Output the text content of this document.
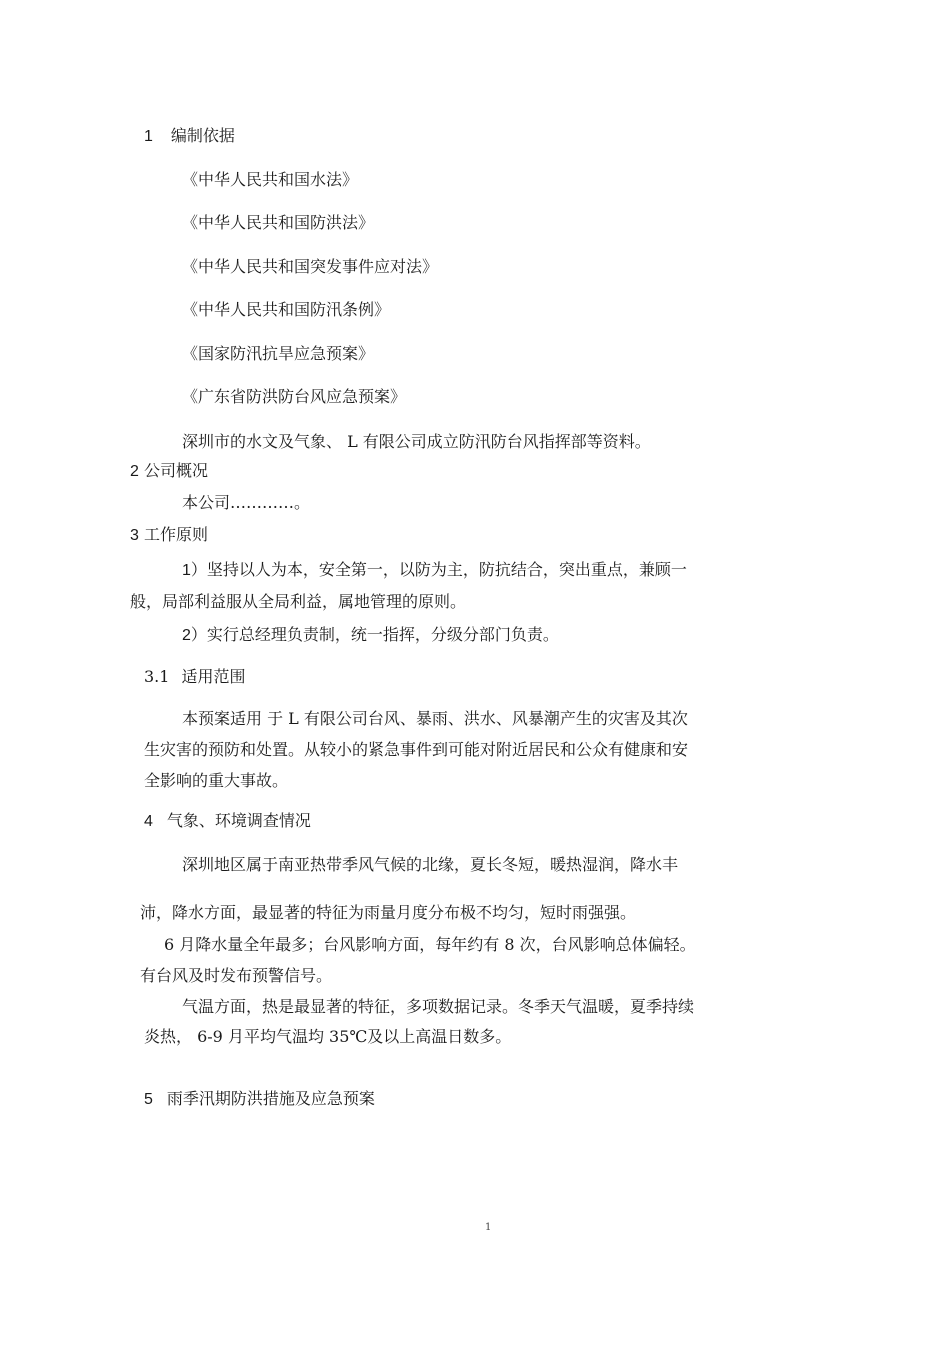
1 编制依据
《中华人民共和国水法》
《中华人民共和国防洪法》
《中华人民共和国突发事件应对法》
《中华人民共和国防汛条例》
《国家防汛抗旱应急预案》
《广东省防洪防台风应急预案》
深圳市的水文及气象、 L 有限公司成立防汛防台风指挥部等资料。
2 公司概况
本公司…………。
3 工作原则
1）坚持以人为本，安全第一，以防为主，防抗结合，突出重点，兼顾一
般，局部利益服从全局利益，属地管理的原则。
2）实行总经理负责制，统一指挥，分级分部门负责。
3.1 适用范围
本预案适用 于 L 有限公司台风、暴雨、洪水、风暴潮产生的灾害及其次
生灾害的预防和处置。从较小的紧急事件到可能对附近居民和公众有健康和安
全影响的重大事故。
4 气象、环境调查情况
深圳地区属于南亚热带季风气候的北缘，夏长冬短，暖热湿润，降水丰
沛，降水方面，最显著的特征为雨量月度分布极不均匀，短时雨强强。
6 月降水量全年最多；台风影响方面，每年约有 8 次，台风影响总体偏轻。
有台风及时发布预警信号。
气温方面，热是最显著的特征，多项数据记录。冬季天气温暖，夏季持续
炎热， 6-9 月平均气温均 35℃及以上高温日数多。
5 雨季汛期防洪措施及应急预案
1
